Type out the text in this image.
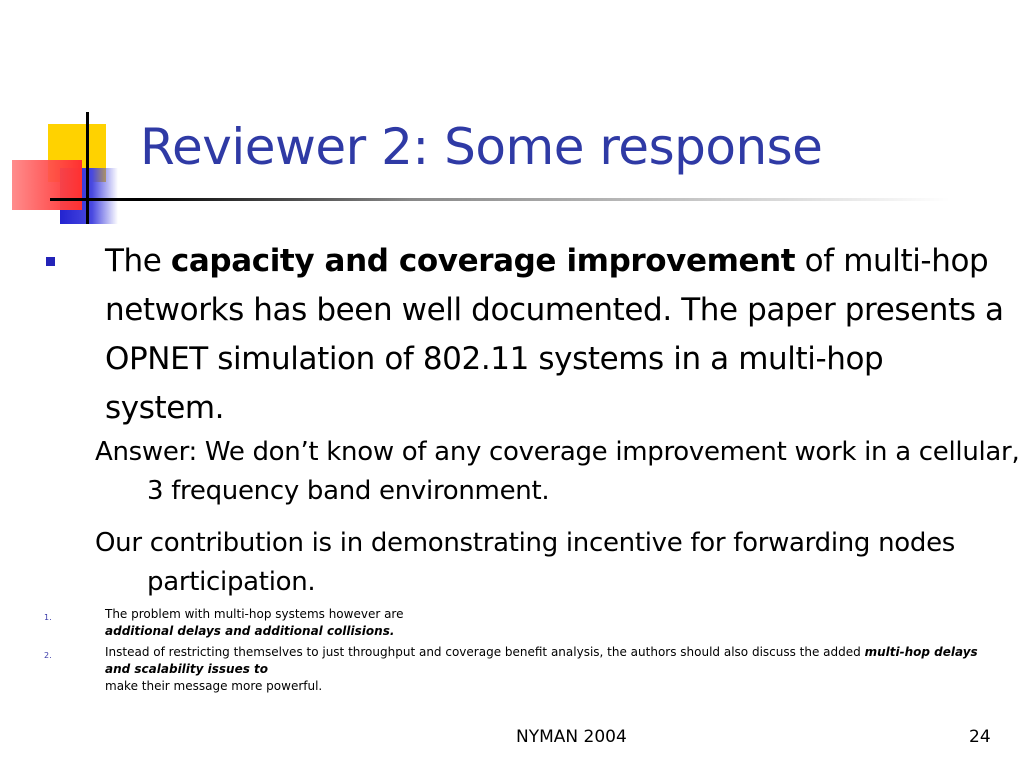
Reviewer 2: Some response
The capacity and coverage improvement of multi-hop networks has been well documented. The paper presents a OPNET simulation of 802.11 systems in a multi-hop system.
Answer: We don’t know of any coverage improvement work in a cellular, 3 frequency band environment.
Our contribution is in demonstrating incentive for forwarding nodes participation.
1.	The problem with multi-hop systems however are
additional delays and additional collisions.
2.	Instead of restricting themselves to just throughput and coverage benefit analysis, the authors should also discuss the added multi-hop delays and scalability issues to
make their message more powerful.
NYMAN 2004	24
